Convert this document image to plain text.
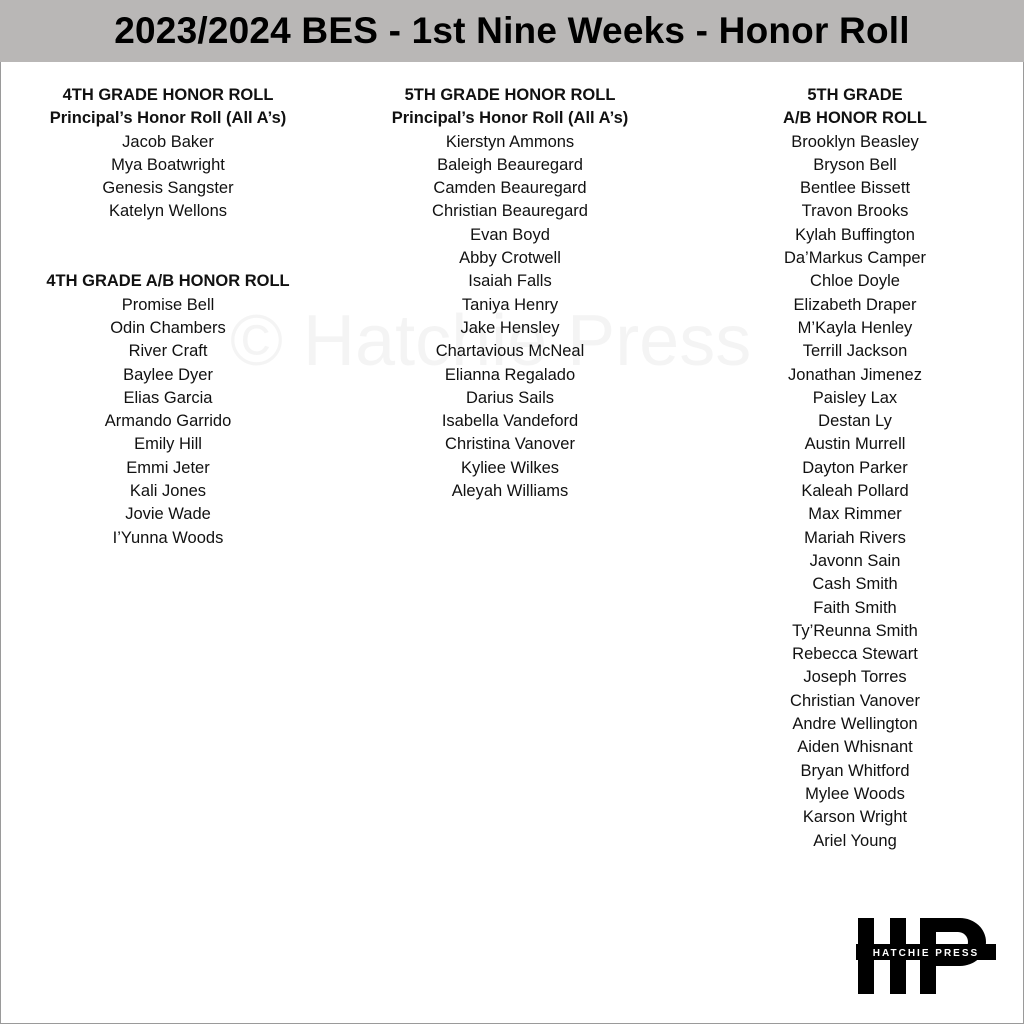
2023/2024 BES - 1st Nine Weeks - Honor Roll
4TH GRADE HONOR ROLL
Principal’s Honor Roll (All A’s)
Jacob Baker
Mya Boatwright
Genesis Sangster
Katelyn Wellons
4TH GRADE A/B HONOR ROLL
Promise Bell
Odin Chambers
River Craft
Baylee Dyer
Elias Garcia
Armando Garrido
Emily Hill
Emmi Jeter
Kali Jones
Jovie Wade
I’Yunna Woods
5TH GRADE HONOR ROLL
Principal’s Honor Roll (All A’s)
Kierstyn Ammons
Baleigh Beauregard
Camden Beauregard
Christian Beauregard
Evan Boyd
Abby Crotwell
Isaiah Falls
Taniya Henry
Jake Hensley
Chartavious McNeal
Elianna Regalado
Darius Sails
Isabella Vandeford
Christina Vanover
Kyliee Wilkes
Aleyah Williams
5TH GRADE
A/B HONOR ROLL
Brooklyn Beasley
Bryson Bell
Bentlee Bissett
Travon Brooks
Kylah Buffington
Da’Markus Camper
Chloe Doyle
Elizabeth Draper
M’Kayla Henley
Terrill Jackson
Jonathan Jimenez
Paisley Lax
Destan Ly
Austin Murrell
Dayton Parker
Kaleah Pollard
Max Rimmer
Mariah Rivers
Javonn Sain
Cash Smith
Faith Smith
Ty’Reunna Smith
Rebecca Stewart
Joseph Torres
Christian Vanover
Andre Wellington
Aiden Whisnant
Bryan Whitford
Mylee Woods
Karson Wright
Ariel Young
HATCHIE PRESS
